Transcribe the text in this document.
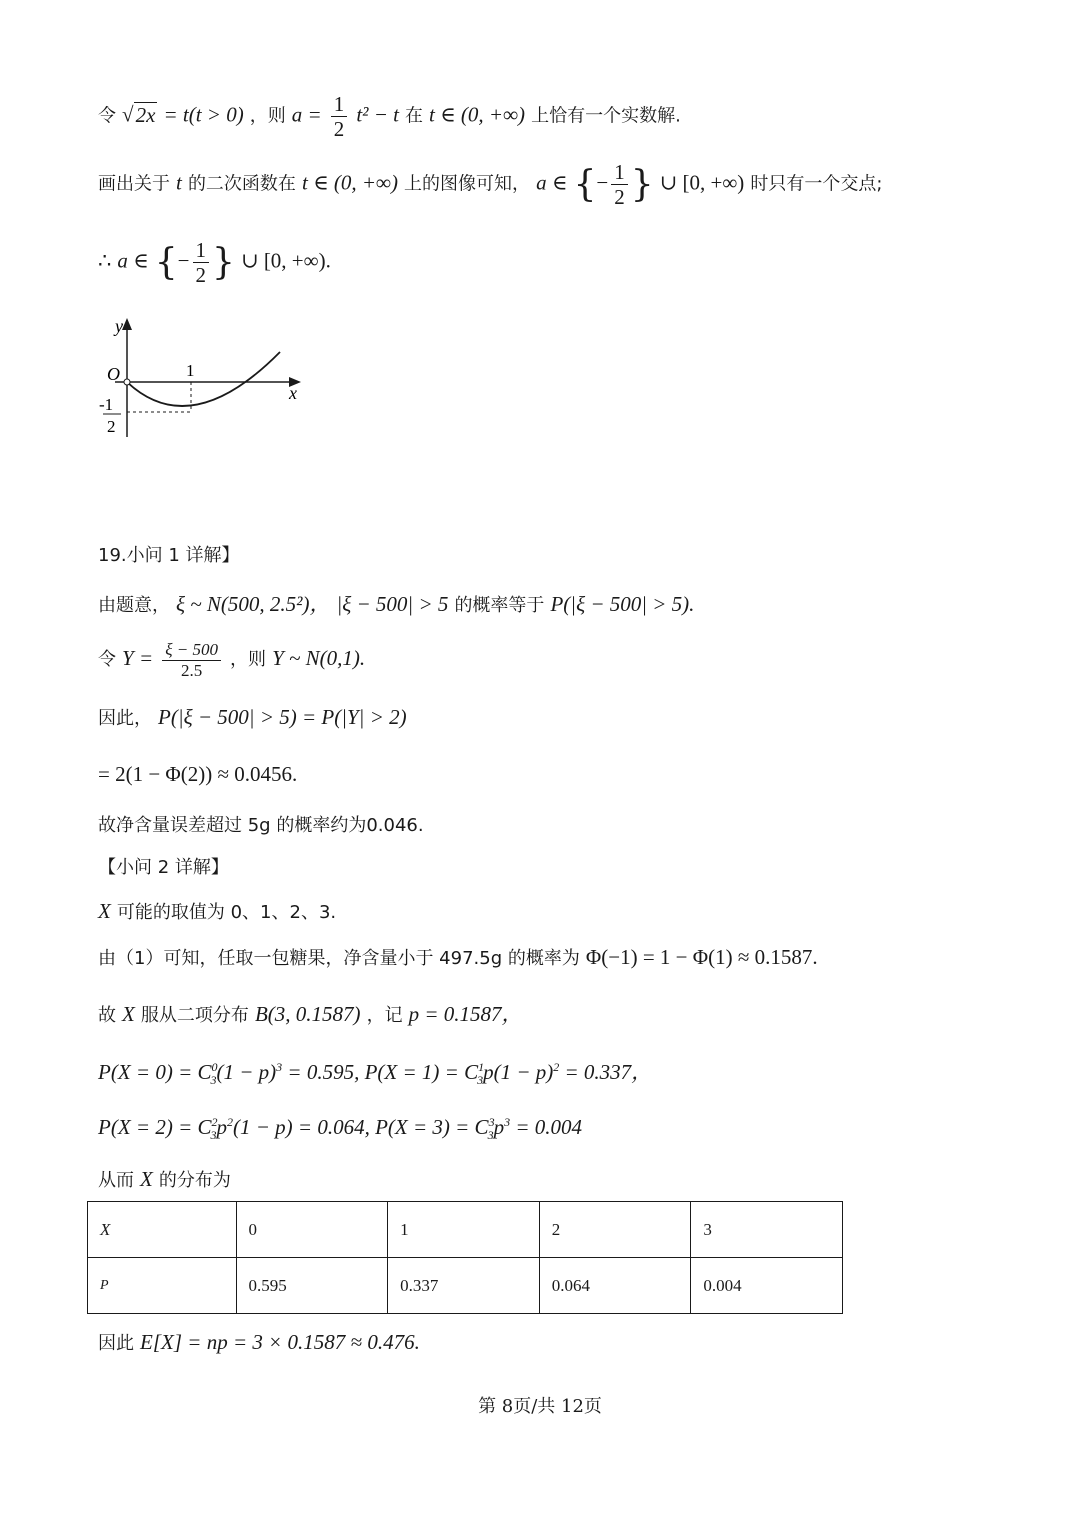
令 √2x = t(t > 0) ，则 $a = \frac{1}{2} t^2 - t$ 在 t ∈ (0, +∞) 上恰有一个实数解.
画出关于 t 的二次函数在 t ∈ (0, +∞) 上的图像可知， a ∈ {− $\frac{1}{2}$ } ∪ [0, +∞) 时只有一个交点;
∴ a ∈ {− $\frac{1}{2}$ } ∪ [0, +∞).
y
x
O	1
-1
2
19.小问 1 详解】
由题意， ξ ~ N(500, 2.5²)， |ξ − 500| > 5 的概率等于 P(|ξ − 500| > 5).
令 $Y = \frac{\xi - 500}{2.5}$ ，则 Y ~ N(0,1).
因此， P(|ξ − 500| > 5) = P(|Y| > 2)
= 2(1 − Φ(2)) ≈ 0.0456.
故净含量误差超过 5g 的概率约为0.046.
【小问 2 详解】
X 可能的取值为 0、1、2、3.
由（1）可知，任取一包糖果，净含量小于 497.5g 的概率为 Φ(−1) = 1 − Φ(1) ≈ 0.1587.
故 X 服从二项分布 B(3, 0.1587) ，记 p = 0.1587，
$P(X = 0) = C^0_3(1 - p)^3 = 0.595$, $P(X = 1) = C^1_3p(1 - p)^2 = 0.337$，
$P(X = 2) = C^2_3p^2(1 - p) = 0.064$, $P(X = 3) = C^3_3p^3 = 0.004$
从而 X 的分布为
X	0	1	2	3
P	0.595	0.337	0.064	0.004
因此 E[X] = np = 3 × 0.1587 ≈ 0.476.
第 8页/共 12页
